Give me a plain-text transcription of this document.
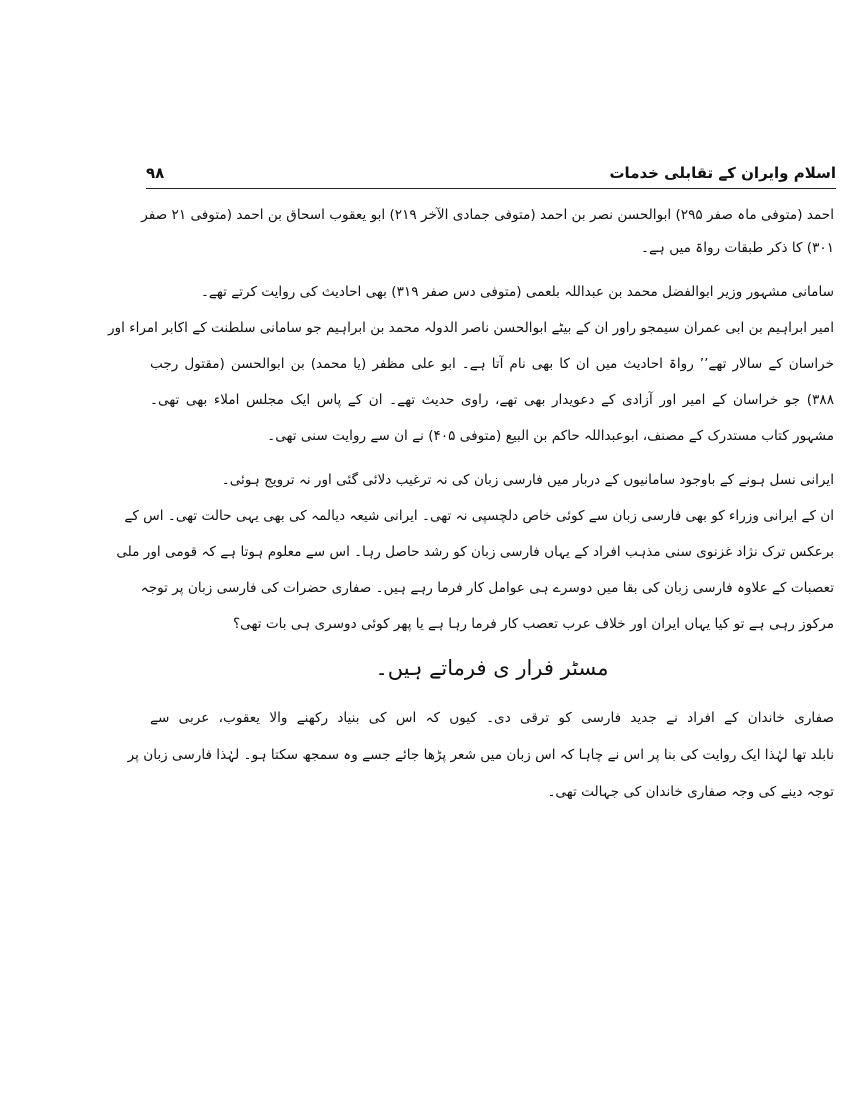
اسلام وایران کے تقابلی خدمات
۹۸
احمد (متوفی ماہ صفر ۲۹۵) ابوالحسن نصر بن احمد (متوفی جمادی الآخر ۲۱۹) ابو یعقوب اسحاق بن احمد (متوفی ۲۱ صفر
۳۰۱) کا ذکر طبقات رواۃ میں ہے۔
سامانی مشہور وزیر ابوالفضل محمد بن عبداللہ بلعمی (متوفی دس صفر ۳۱۹) بھی احادیث کی روایت کرتے تھے۔
امیر ابراہیم بن ابی عمران سیمجو راور ان کے بیٹے ابوالحسن ناصر الدولہ محمد بن ابراہیم جو سامانی سلطنت کے اکابر امراء اور
خراسان کے سالار تھے’’ رواۃ احادیث میں ان کا بھی نام آتا ہے۔ ابو علی مظفر (یا محمد) بن ابوالحسن (مقتول رجب
۳۸۸) جو خراسان کے امیر اور آزادی کے دعویدار بھی تھے، راوی حدیث تھے۔ ان کے پاس ایک مجلس املاء بھی تھی۔
مشہور کتاب مستدرک کے مصنف، ابوعبداللہ حاکم بن البیع (متوفی ۴۰۵) نے ان سے روایت سنی تھی۔
ایرانی نسل ہونے کے باوجود سامانیوں کے دربار میں فارسی زبان کی نہ ترغیب دلائی گئی اور نہ ترویج ہوئی۔
ان کے ایرانی وزراء کو بھی فارسی زبان سے کوئی خاص دلچسپی نہ تھی۔ ایرانی شیعہ دیالمہ کی بھی یہی حالت تھی۔ اس کے
برعکس ترک نژاد غزنوی سنی مذہب افراد کے یہاں فارسی زبان کو رشد حاصل رہا۔ اس سے معلوم ہوتا ہے کہ قومی اور ملی
تعصبات کے علاوہ فارسی زبان کی بقا میں دوسرے ہی عوامل کار فرما رہے ہیں۔ صفاری حضرات کی فارسی زبان پر توجہ
مرکوز رہی ہے تو کیا یہاں ایران اور خلاف عرب تعصب کار فرما رہا ہے یا پھر کوئی دوسری ہی بات تھی؟
مسٹر فرار ی فرماتے ہیں۔
صفاری خاندان کے افراد نے جدید فارسی کو ترقی دی۔ کیوں کہ اس کی بنیاد رکھنے والا یعقوب، عربی سے
نابلد تھا لہٰذا ایک روایت کی بنا پر اس نے چاہا کہ اس زبان میں شعر پڑھا جائے جسے وہ سمجھ سکتا ہو۔ لہٰذا فارسی زبان پر
توجہ دینے کی وجہ صفاری خاندان کی جہالت تھی۔
